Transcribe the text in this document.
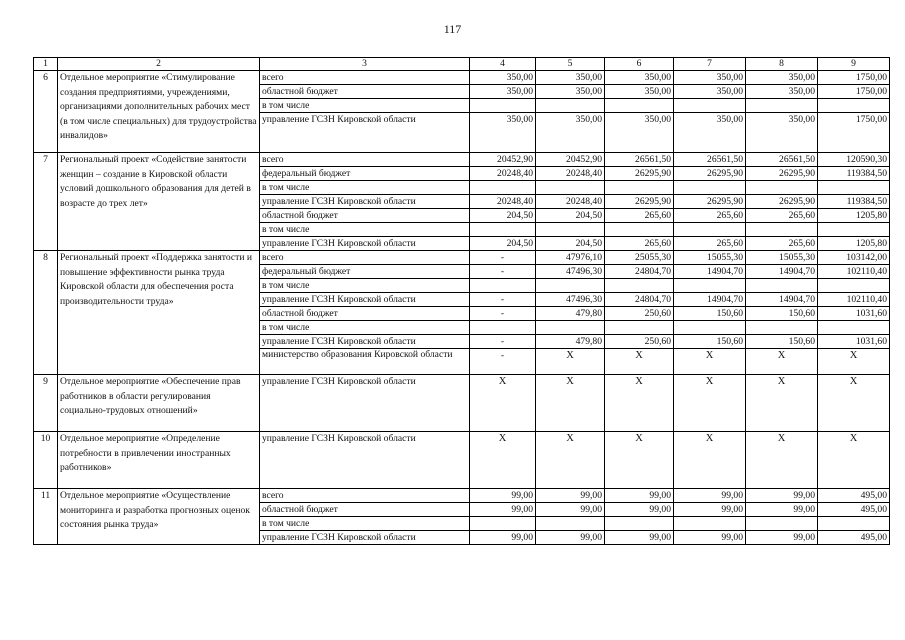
117
1	2	3	4	5	6	7	8	9
6	Отдельное мероприятие «Стимулирование создания предприятиями, учреждениями, организациями дополнительных рабочих мест (в том числе специальных) для трудоустройства инвалидов»	всего	350,00	350,00	350,00	350,00	350,00	1750,00
		областной бюджет	350,00	350,00	350,00	350,00	350,00	1750,00
		в том числе						
		управление ГСЗН Кировской области	350,00	350,00	350,00	350,00	350,00	1750,00
7	Региональный проект «Содействие занятости женщин – создание в Кировской области условий дошкольного образования для детей в возрасте до трех лет»	всего	20452,90	20452,90	26561,50	26561,50	26561,50	120590,30
		федеральный бюджет	20248,40	20248,40	26295,90	26295,90	26295,90	119384,50
		в том числе						
		управление ГСЗН Кировской области	20248,40	20248,40	26295,90	26295,90	26295,90	119384,50
		областной бюджет	204,50	204,50	265,60	265,60	265,60	1205,80
		в том числе						
		управление ГСЗН Кировской области	204,50	204,50	265,60	265,60	265,60	1205,80
8	Региональный проект «Поддержка занятости и повышение эффективности рынка труда Кировской области для обеспечения роста производительности труда»	всего	-	47976,10	25055,30	15055,30	15055,30	103142,00
		федеральный бюджет	-	47496,30	24804,70	14904,70	14904,70	102110,40
		в том числе						
		управление ГСЗН Кировской области	-	47496,30	24804,70	14904,70	14904,70	102110,40
		областной бюджет	-	479,80	250,60	150,60	150,60	1031,60
		в том числе						
		управление ГСЗН Кировской области	-	479,80	250,60	150,60	150,60	1031,60
		министерство образования Кировской области	-	X	X	X	X	X
9	Отдельное мероприятие «Обеспечение прав работников в области регулирования социально-трудовых отношений»	управление ГСЗН Кировской области	X	X	X	X	X	X
10	Отдельное мероприятие «Определение потребности в привлечении иностранных работников»	управление ГСЗН Кировской области	X	X	X	X	X	X
11	Отдельное мероприятие «Осуществление мониторинга и разработка прогнозных оценок состояния рынка труда»	всего	99,00	99,00	99,00	99,00	99,00	495,00
		областной бюджет	99,00	99,00	99,00	99,00	99,00	495,00
		в том числе						
		управление ГСЗН Кировской области	99,00	99,00	99,00	99,00	99,00	495,00
